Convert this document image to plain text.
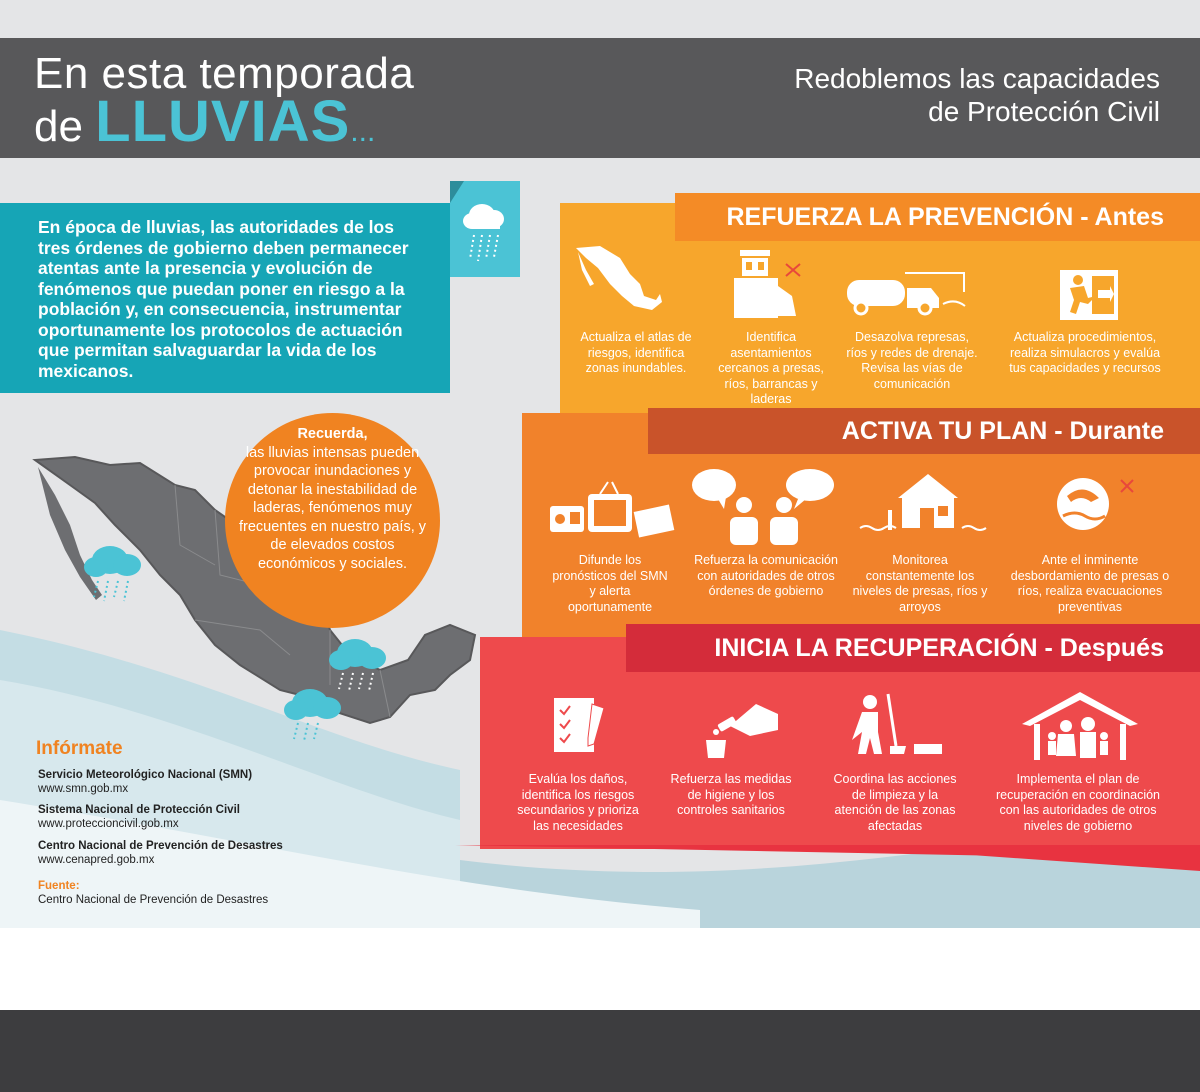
En esta temporada
de LLUVIAS...
Redoblemos las capacidades
de Protección Civil
En época de lluvias, las autoridades de los tres órdenes de gobierno deben permanecer atentas ante la presencia y evolución de fenómenos que puedan poner en riesgo a la población y, en consecuencia, instrumentar oportunamente los protocolos de actuación que permitan salvaguardar la vida de los mexicanos.
Recuerda,
las lluvias intensas pueden provocar inundaciones y detonar la inestabilidad de laderas, fenómenos muy frecuentes en nuestro país, y de elevados costos económicos y sociales.
REFUERZA LA PREVENCIÓN - Antes
ACTIVA TU PLAN - Durante
INICIA LA RECUPERACIÓN - Después
Actualiza el atlas de riesgos, identifica zonas inundables.
Identifica asentamientos cercanos a presas, ríos, barrancas y laderas
Desazolva represas, ríos y redes de drenaje. Revisa las vías de comunicación
Actualiza procedimientos, realiza simulacros y evalúa tus capacidades y recursos
Difunde los pronósticos del SMN y alerta oportunamente
Refuerza la comunicación con autoridades de otros órdenes de gobierno
Monitorea constantemente los niveles de presas, ríos y arroyos
Ante el inminente desbordamiento de presas o ríos, realiza evacuaciones preventivas
Evalúa los daños, identifica los riesgos secundarios y prioriza las necesidades
Refuerza las medidas de higiene y los controles sanitarios
Coordina las acciones de limpieza y la atención de las zonas afectadas
Implementa el plan de recuperación en coordinación con las autoridades de otros niveles de gobierno
Infórmate
Servicio Meteorológico Nacional (SMN)
www.smn.gob.mx
Sistema Nacional de Protección Civil
www.proteccioncivil.gob.mx
Centro Nacional de Prevención de Desastres
www.cenapred.gob.mx
Fuente:
Centro Nacional de Prevención de Desastres
